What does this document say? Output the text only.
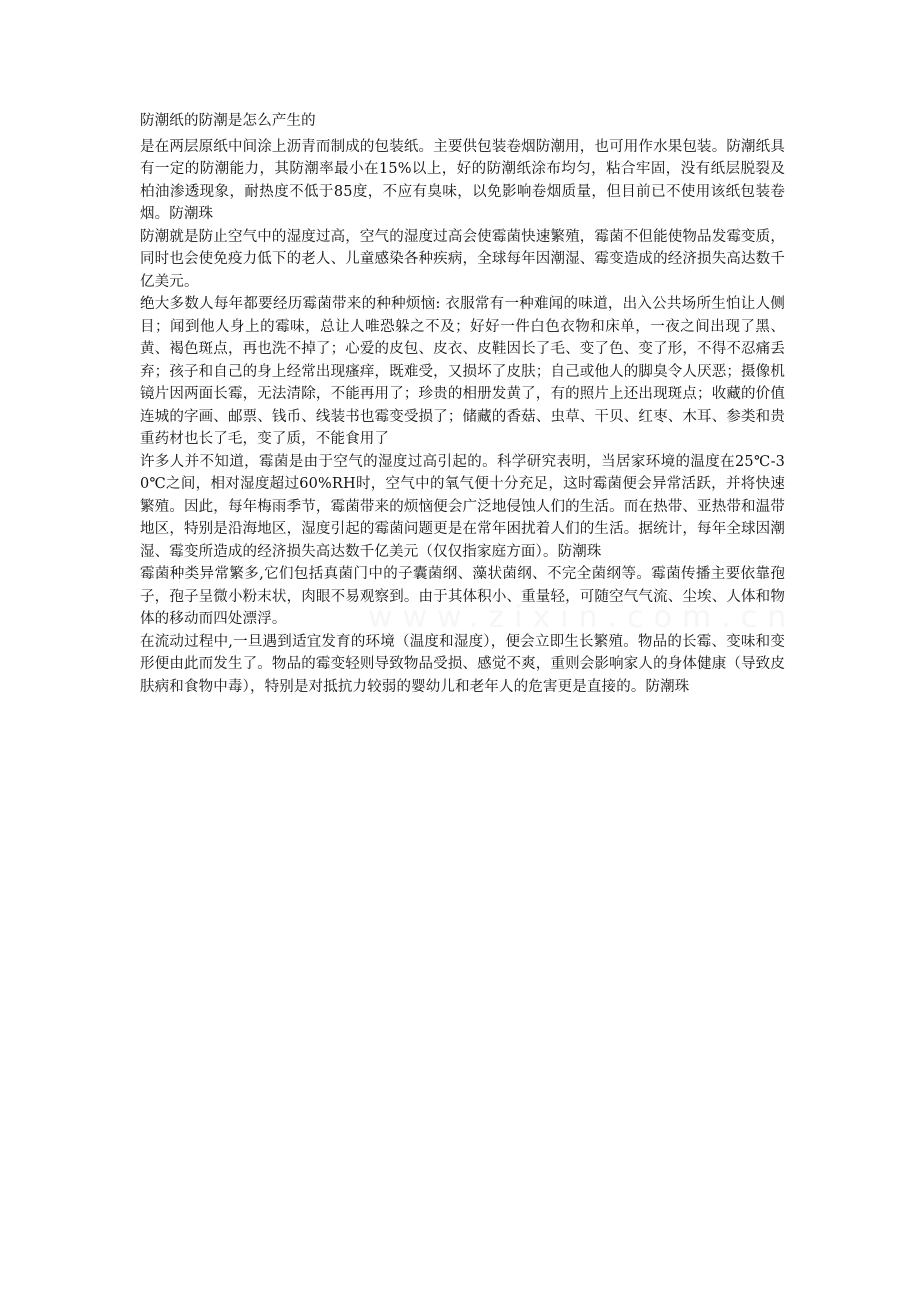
防潮纸的防潮是怎么产生的

是在两层原纸中间涂上沥青而制成的包装纸。主要供包装卷烟防潮用，也可用作水果包装。防潮纸具有一定的防潮能力，其防潮率最小在15%以上，好的防潮纸涂布均匀，粘合牢固，没有纸层脱裂及柏油渗透现象，耐热度不低于85度，不应有臭味，以免影响卷烟质量，但目前已不使用该纸包装卷烟。防潮珠

防潮就是防止空气中的湿度过高，空气的湿度过高会使霉菌快速繁殖，霉菌不但能使物品发霉变质，同时也会使免疫力低下的老人、儿童感染各种疾病，全球每年因潮湿、霉变造成的经济损失高达数千亿美元。

绝大多数人每年都要经历霉菌带来的种种烦恼: 衣服常有一种难闻的味道，出入公共场所生怕让人侧目；闻到他人身上的霉味，总让人唯恐躲之不及；好好一件白色衣物和床单，一夜之间出现了黑、黄、褐色斑点，再也洗不掉了；心爱的皮包、皮衣、皮鞋因长了毛、变了色、变了形，不得不忍痛丢弃；孩子和自己的身上经常出现瘙痒，既难受，又损坏了皮肤；自己或他人的脚臭令人厌恶；摄像机镜片因两面长霉，无法清除，不能再用了；珍贵的相册发黄了，有的照片上还出现斑点；收藏的价值连城的字画、邮票、钱币、线装书也霉变受损了；储藏的香菇、虫草、干贝、红枣、木耳、参类和贵重药材也长了毛，变了质，不能食用了

许多人并不知道，霉菌是由于空气的湿度过高引起的。科学研究表明，当居家环境的温度在25℃-30℃之间，相对湿度超过60%RH时，空气中的氧气便十分充足，这时霉菌便会异常活跃，并将快速繁殖。因此，每年梅雨季节，霉菌带来的烦恼便会广泛地侵蚀人们的生活。而在热带、亚热带和温带地区，特别是沿海地区，湿度引起的霉菌问题更是在常年困扰着人们的生活。据统计，每年全球因潮湿、霉变所造成的经济损失高达数千亿美元（仅仅指家庭方面）。防潮珠

霉菌种类异常繁多,它们包括真菌门中的子囊菌纲、藻状菌纲、不完全菌纲等。霉菌传播主要依靠孢子，孢子呈微小粉末状，肉眼不易观察到。由于其体积小、重量轻，可随空气气流、尘埃、人体和物体的移动而四处漂浮。

在流动过程中,一旦遇到适宜发育的环境（温度和湿度），便会立即生长繁殖。物品的长霉、变味和变形便由此而发生了。物品的霉变轻则导致物品受损、感觉不爽，重则会影响家人的身体健康（导致皮肤病和食物中毒），特别是对抵抗力较弱的婴幼儿和老年人的危害更是直接的。防潮珠

www.zixin.com.cn
